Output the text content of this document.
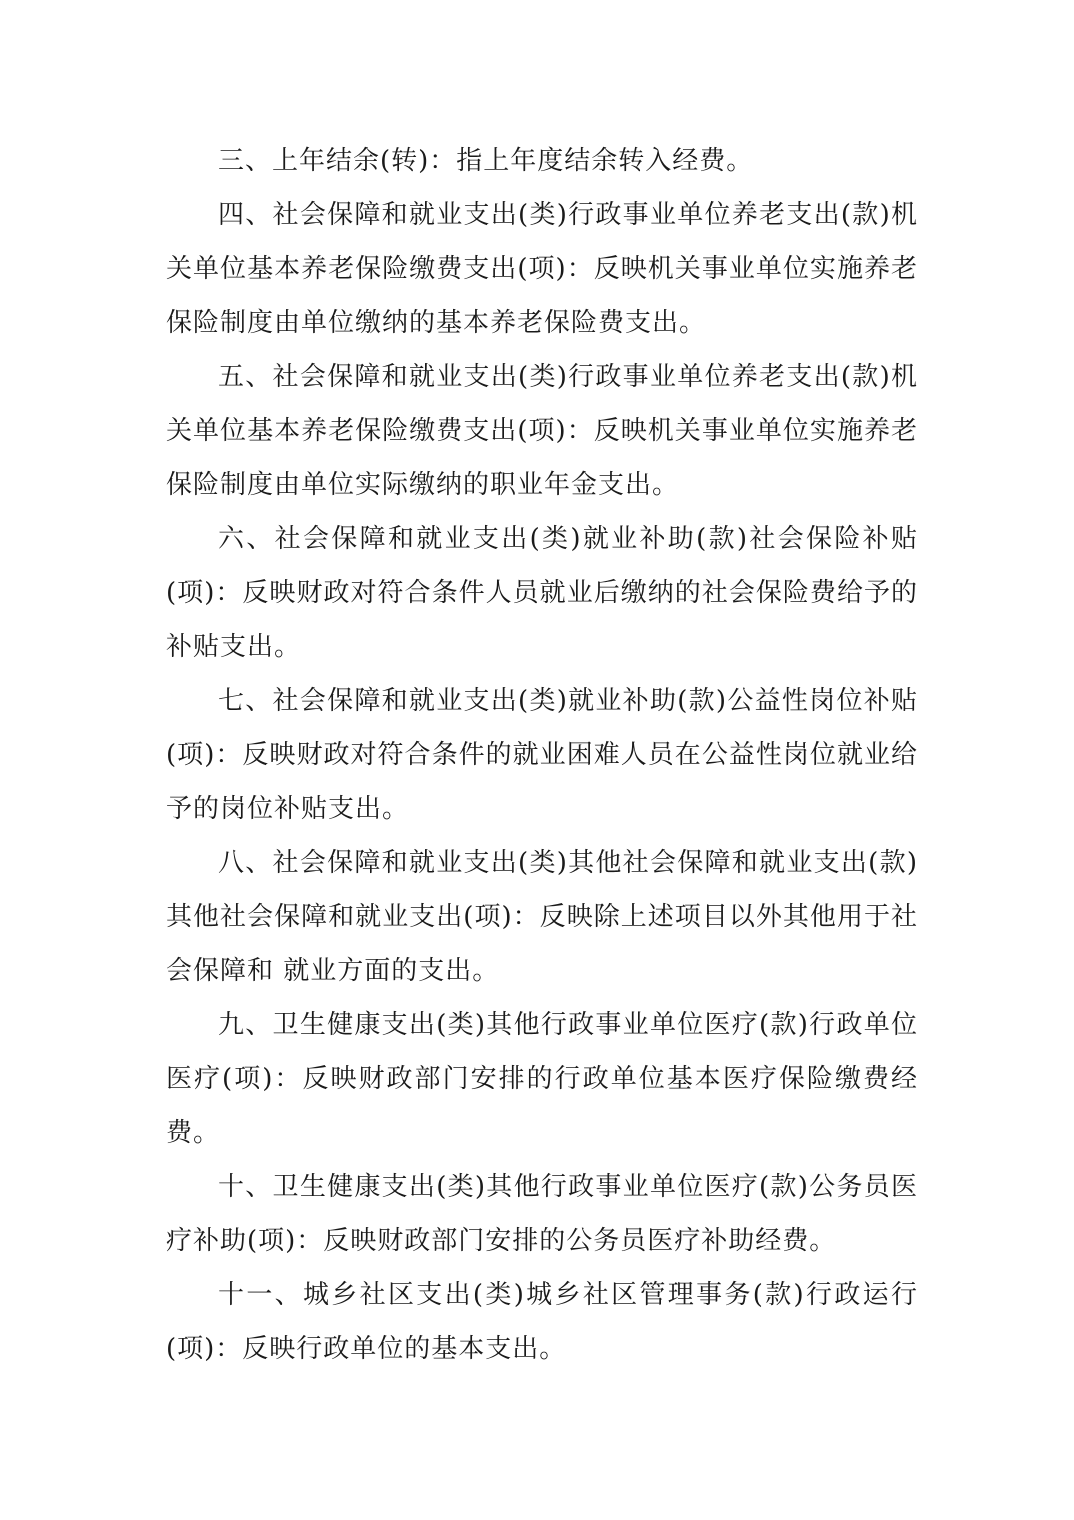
三、上年结余(转)：指上年度结余转入经费。

四、社会保障和就业支出(类)行政事业单位养老支出(款)机关单位基本养老保险缴费支出(项)：反映机关事业单位实施养老保险制度由单位缴纳的基本养老保险费支出。

五、社会保障和就业支出(类)行政事业单位养老支出(款)机关单位基本养老保险缴费支出(项)：反映机关事业单位实施养老保险制度由单位实际缴纳的职业年金支出。

六、社会保障和就业支出(类)就业补助(款)社会保险补贴(项)：反映财政对符合条件人员就业后缴纳的社会保险费给予的补贴支出。

七、社会保障和就业支出(类)就业补助(款)公益性岗位补贴 (项)：反映财政对符合条件的就业困难人员在公益性岗位就业给予的岗位补贴支出。

八、社会保障和就业支出(类)其他社会保障和就业支出(款)其他社会保障和就业支出(项)：反映除上述项目以外其他用于社会保障和 就业方面的支出。

九、卫生健康支出(类)其他行政事业单位医疗(款)行政单位医疗(项)：反映财政部门安排的行政单位基本医疗保险缴费经费。

十、卫生健康支出(类)其他行政事业单位医疗(款)公务员医疗补助(项)：反映财政部门安排的公务员医疗补助经费。

十一、城乡社区支出(类)城乡社区管理事务(款)行政运行(项)：反映行政单位的基本支出。
